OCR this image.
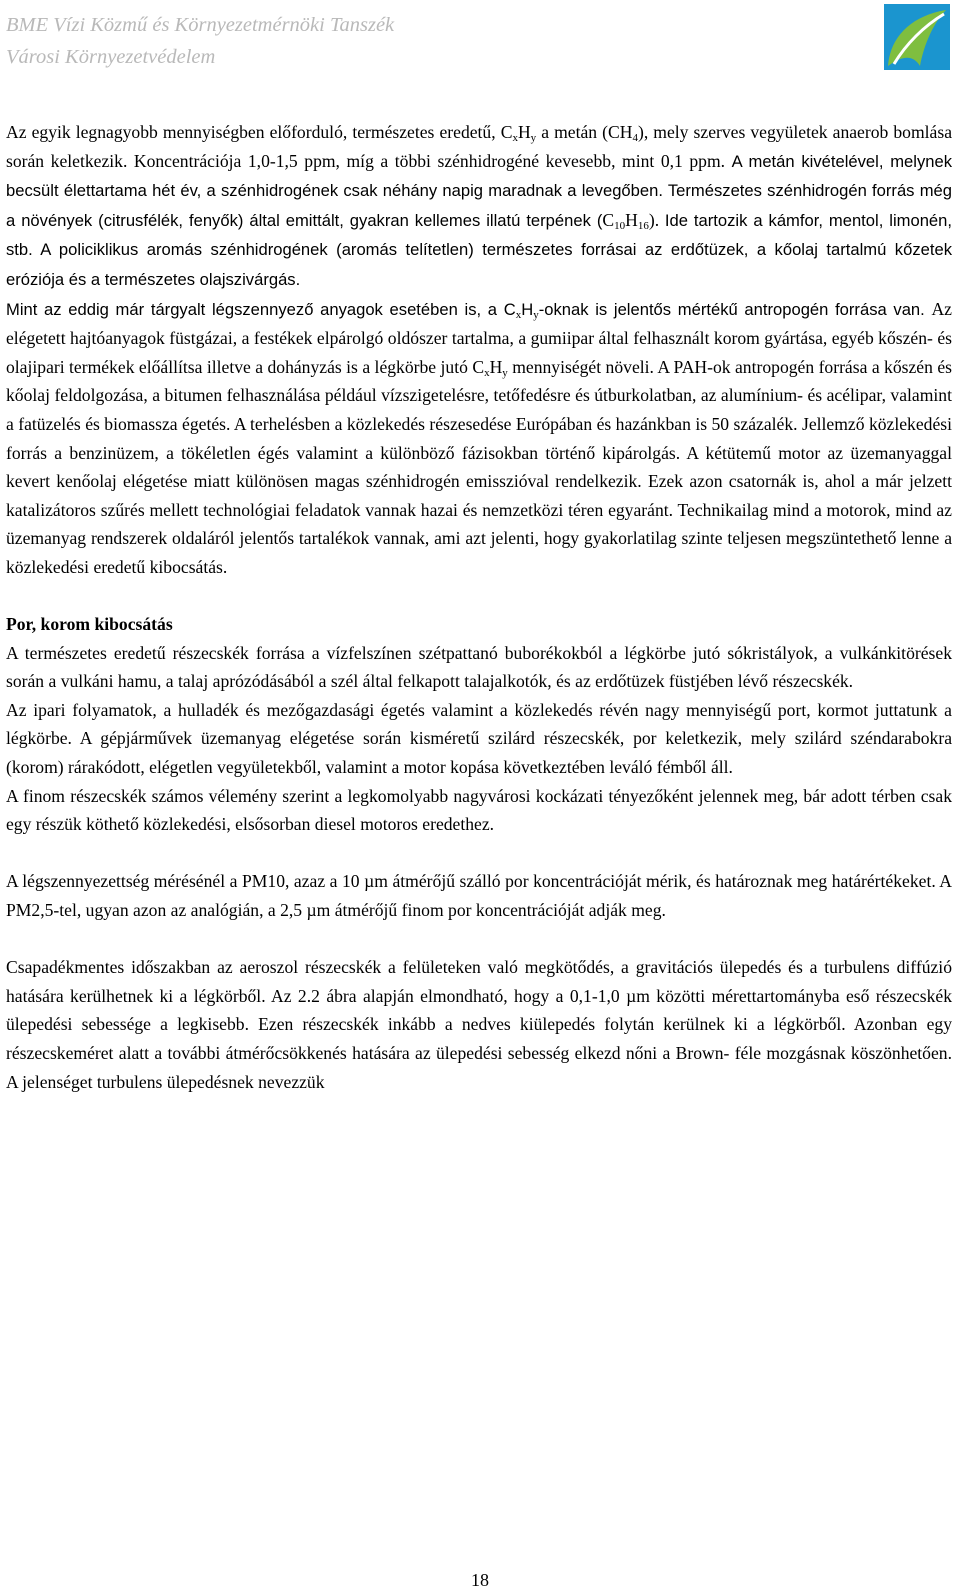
BME Vízi Közmű és Környezetmérnöki Tanszék
Városi Környezetvédelem

Az egyik legnagyobb mennyiségben előforduló, természetes eredetű, $C_xH_y$ a metán $(CH_4)$, mely szerves vegyületek anaerob bomlása során keletkezik. Koncentrációja 1,0-1,5 ppm, míg a többi szénhidrogéné kevesebb, mint 0,1 ppm. A metán kivételével, melynek becsült élettartama hét év, a szénhidrogének csak néhány napig maradnak a levegőben. Természetes szénhidrogén forrás még a növények (citrusfélék, fenyők) által emittált, gyakran kellemes illatú terpének $(C_{10}H_{16})$. Ide tartozik a kámfor, mentol, limonén, stb. A policiklikus aromás szénhidrogének (aromás telítetlen) természetes forrásai az erdőtüzek, a kőolaj tartalmú kőzetek eróziója és a természetes olajszivárgás.

Mint az eddig már tárgyalt légszennyező anyagok esetében is, a $C_xH_y$-oknak is jelentős mértékű antropogén forrása van. Az elégetett hajtóanyagok füstgázai, a festékek elpárolgó oldószer tartalma, a gumiipar által felhasznált korom gyártása, egyéb kőszén- és olajipari termékek előállítsa illetve a dohányzás is a légkörbe jutó $C_xH_y$ mennyiségét növeli. A PAH-ok antropogén forrása a kőszén és kőolaj feldolgozása, a bitumen felhasználása például vízszigetelésre, tetőfedésre és útburkolatban, az alumínium- és acélipar, valamint a fatüzelés és biomassza égetés. A terhelésben a közlekedés részesedése Európában és hazánkban is 50 százalék. Jellemző közlekedési forrás a benzinüzem, a tökéletlen égés valamint a különböző fázisokban történő kipárolgás. A kétütemű motor az üzemanyaggal kevert kenőolaj elégetése miatt különösen magas szénhidrogén emisszióval rendelkezik. Ezek azon csatornák is, ahol a már jelzett katalizátoros szűrés mellett technológiai feladatok vannak hazai és nemzetközi téren egyaránt. Technikailag mind a motorok, mind az üzemanyag rendszerek oldaláról jelentős tartalékok vannak, ami azt jelenti, hogy gyakorlatilag szinte teljesen megszüntethető lenne a közlekedési eredetű kibocsátás.

Por, korom kibocsátás

A természetes eredetű részecskék forrása a vízfelszínen szétpattanó buborékokból a légkörbe jutó sókristályok, a vulkánkitörések során a vulkáni hamu, a talaj aprózódásából a szél által felkapott talajalkotók, és az erdőtüzek füstjében lévő részecskék.

Az ipari folyamatok, a hulladék és mezőgazdasági égetés valamint a közlekedés révén nagy mennyiségű port, kormot juttatunk a légkörbe. A gépjárművek üzemanyag elégetése során kisméretű szilárd részecskék, por keletkezik, mely szilárd széndarabokra (korom) rárakódott, elégetlen vegyületekből, valamint a motor kopása következtében leváló fémből áll.

A finom részecskék számos vélemény szerint a legkomolyabb nagyvárosi kockázati tényezőként jelennek meg, bár adott térben csak egy részük köthető közlekedési, elsősorban diesel motoros eredethez.

A légszennyezettség mérésénél a PM10, azaz a 10 µm átmérőjű szálló por koncentrációját mérik, és határoznak meg határértékeket. A PM2,5-tel, ugyan azon az analógián, a 2,5 µm átmérőjű finom por koncentrációját adják meg.

Csapadékmentes időszakban az aeroszol részecskék a felületeken való megkötődés, a gravitációs ülepedés és a turbulens diffúzió hatására kerülhetnek ki a légkörből. Az 2.2 ábra alapján elmondható, hogy a 0,1-1,0 µm közötti mérettartományba eső részecskék ülepedési sebessége a legkisebb. Ezen részecskék inkább a nedves kiülepedés folytán kerülnek ki a légkörből. Azonban egy részecskeméret alatt a további átmérőcsökkenés hatására az ülepedési sebesség elkezd nőni a Brown- féle mozgásnak köszönhetően. A jelenséget turbulens ülepedésnek nevezzük

18
